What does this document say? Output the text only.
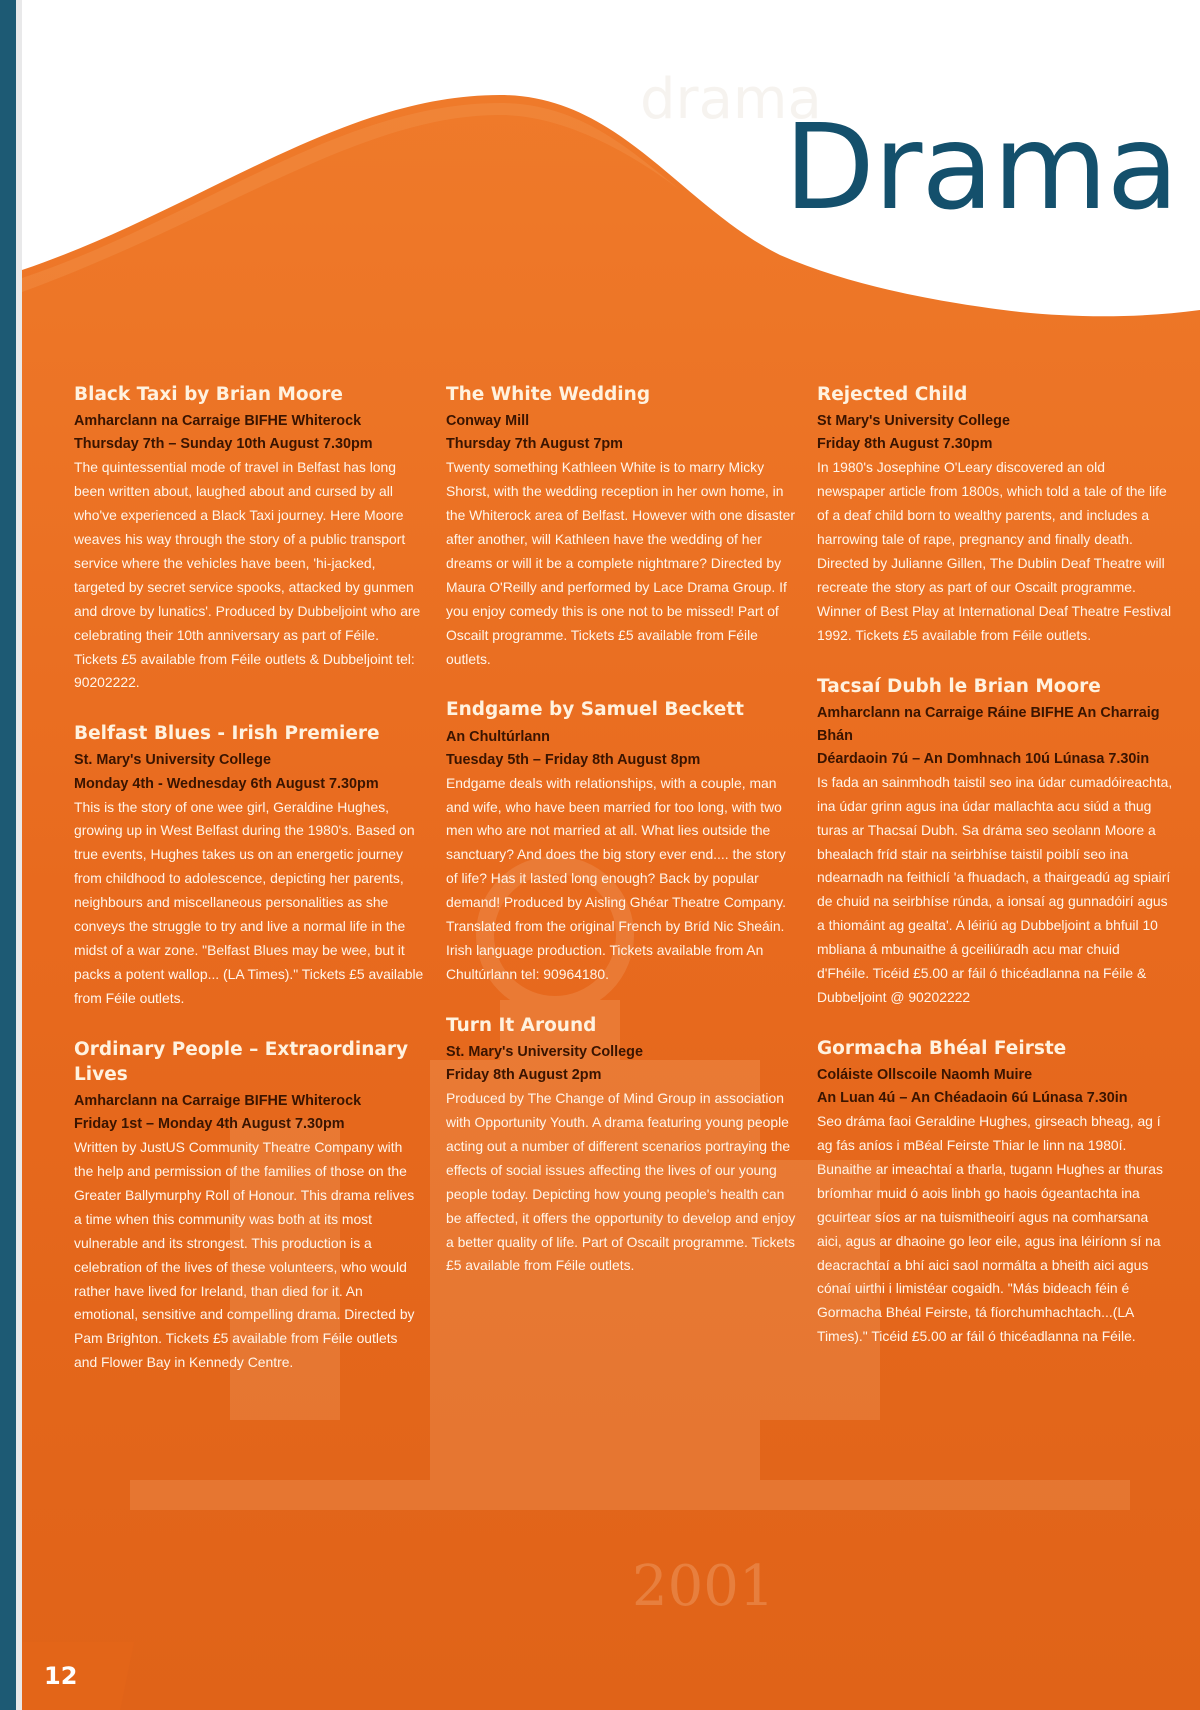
drama
2001
Drama
Black Taxi by Brian Moore
Amharclann na Carraige BIFHE Whiterock
Thursday 7th – Sunday 10th August 7.30pm
The quintessential mode of travel in Belfast has long been written about, laughed about and cursed by all who've experienced a Black Taxi journey. Here Moore weaves his way through the story of a public transport service where the vehicles have been, 'hi-jacked, targeted by secret service spooks, attacked by gunmen and drove by lunatics'. Produced by Dubbeljoint who are celebrating their 10th anniversary as part of Féile. Tickets £5 available from Féile outlets & Dubbeljoint tel: 90202222.
Belfast Blues - Irish Premiere
St. Mary's University College
Monday 4th - Wednesday 6th August 7.30pm
This is the story of one wee girl, Geraldine Hughes, growing up in West Belfast during the 1980's. Based on true events, Hughes takes us on an energetic journey from childhood to adolescence, depicting her parents, neighbours and miscellaneous personalities as she conveys the struggle to try and live a normal life in the midst of a war zone. "Belfast Blues may be wee, but it packs a potent wallop... (LA Times)." Tickets £5 available from Féile outlets.
Ordinary People – Extraordinary Lives
Amharclann na Carraige BIFHE Whiterock
Friday 1st – Monday 4th August 7.30pm
Written by JustUS Community Theatre Company with the help and permission of the families of those on the Greater Ballymurphy Roll of Honour. This drama relives a time when this community was both at its most vulnerable and its strongest. This production is a celebration of the lives of these volunteers, who would rather have lived for Ireland, than died for it. An emotional, sensitive and compelling drama. Directed by Pam Brighton. Tickets £5 available from Féile outlets and Flower Bay in Kennedy Centre.
The White Wedding
Conway Mill
Thursday 7th August 7pm
Twenty something Kathleen White is to marry Micky Shorst, with the wedding reception in her own home, in the Whiterock area of Belfast. However with one disaster after another, will Kathleen have the wedding of her dreams or will it be a complete nightmare? Directed by Maura O'Reilly and performed by Lace Drama Group. If you enjoy comedy this is one not to be missed! Part of Oscailt programme. Tickets £5 available from Féile outlets.
Endgame by Samuel Beckett
An Chultúrlann
Tuesday 5th – Friday 8th August 8pm
Endgame deals with relationships, with a couple, man and wife, who have been married for too long, with two men who are not married at all. What lies outside the sanctuary? And does the big story ever end.... the story of life? Has it lasted long enough? Back by popular demand! Produced by Aisling Ghéar Theatre Company. Translated from the original French by Bríd Nic Sheáin. Irish language production. Tickets available from An Chultúrlann tel: 90964180.
Turn It Around
St. Mary's University College
Friday 8th August 2pm
Produced by The Change of Mind Group in association with Opportunity Youth. A drama featuring young people acting out a number of different scenarios portraying the effects of social issues affecting the lives of our young people today. Depicting how young people's health can be affected, it offers the opportunity to develop and enjoy a better quality of life. Part of Oscailt programme. Tickets £5 available from Féile outlets.
Rejected Child
St Mary's University College
Friday 8th August 7.30pm
In 1980's Josephine O'Leary discovered an old newspaper article from 1800s, which told a tale of the life of a deaf child born to wealthy parents, and includes a harrowing tale of rape, pregnancy and finally death. Directed by Julianne Gillen, The Dublin Deaf Theatre will recreate the story as part of our Oscailt programme. Winner of Best Play at International Deaf Theatre Festival 1992. Tickets £5 available from Féile outlets.
Tacsaí Dubh le Brian Moore
Amharclann na Carraige Ráine BIFHE An Charraig Bhán
Déardaoin 7ú – An Domhnach 10ú Lúnasa 7.30in
Is fada an sainmhodh taistil seo ina údar cumadóireachta, ina údar grinn agus ina údar mallachta acu siúd a thug turas ar Thacsaí Dubh. Sa dráma seo seolann Moore a bhealach fríd stair na seirbhíse taistil poiblí seo ina ndearnadh na feithiclí 'a fhuadach, a thairgeadú ag spiairí de chuid na seirbhíse rúnda, a ionsaí ag gunnadóirí agus a thiomáint ag gealta'. A léiriú ag Dubbeljoint a bhfuil 10 mbliana á mbunaithe á gceiliúradh acu mar chuid d'Fhéile. Ticéid £5.00 ar fáil ó thicéadlanna na Féile & Dubbeljoint @ 90202222
Gormacha Bhéal Feirste
Coláiste Ollscoile Naomh Muire
An Luan 4ú – An Chéadaoin 6ú Lúnasa 7.30in
Seo dráma faoi Geraldine Hughes, girseach bheag, ag í ag fás aníos i mBéal Feirste Thiar le linn na 1980í. Bunaithe ar imeachtaí a tharla, tugann Hughes ar thuras bríomhar muid ó aois linbh go haois ógeantachta ina gcuirtear síos ar na tuismitheoirí agus na comharsana aici, agus ar dhaoine go leor eile, agus ina léiríonn sí na deacrachtaí a bhí aici saol normálta a bheith aici agus cónaí uirthi i limistéar cogaidh. "Más bideach féin é Gormacha Bhéal Feirste, tá fíorchumhachtach...(LA Times)." Ticéid £5.00 ar fáil ó thicéadlanna na Féile.
12
